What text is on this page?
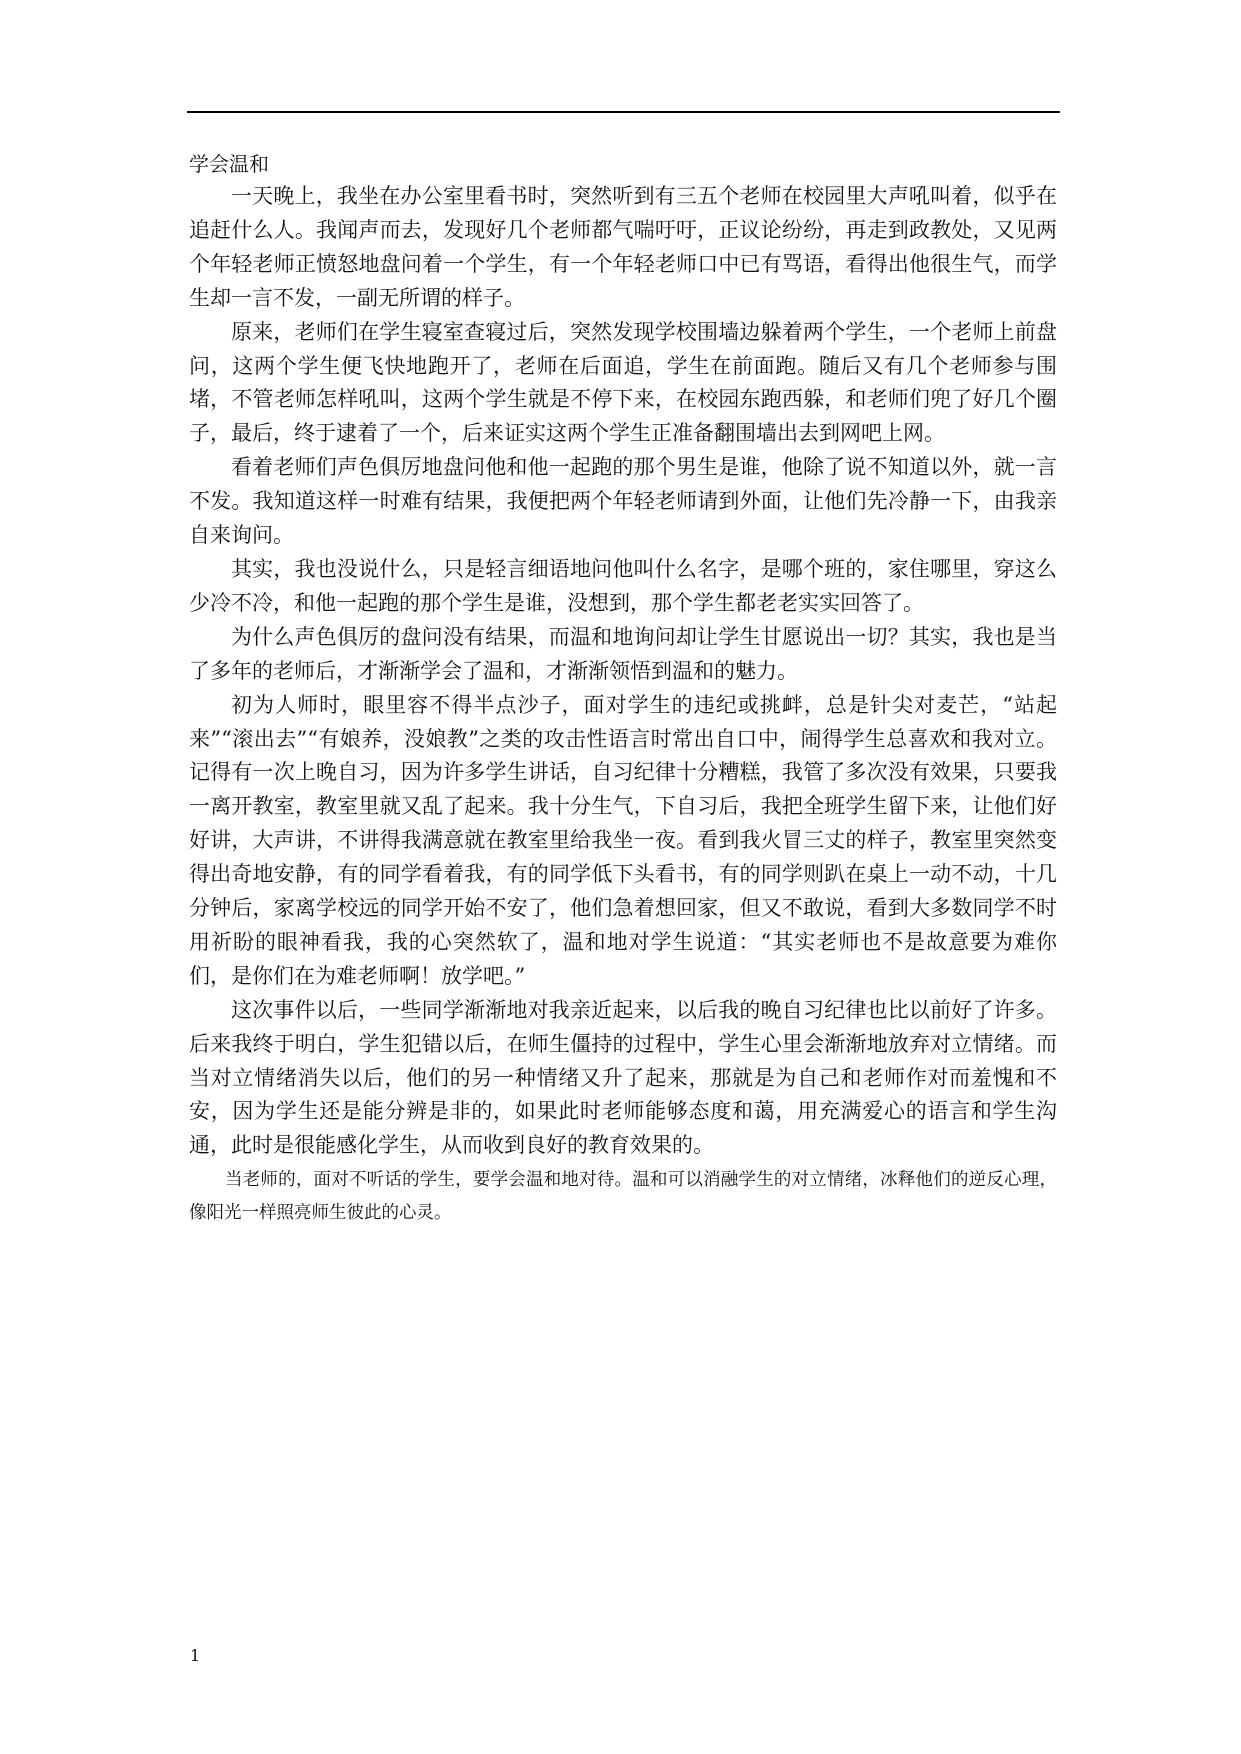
学会温和

一天晚上，我坐在办公室里看书时，突然听到有三五个老师在校园里大声吼叫着，似乎在追赶什么人。我闻声而去，发现好几个老师都气喘吁吁，正议论纷纷，再走到政教处，又见两个年轻老师正愤怒地盘问着一个学生，有一个年轻老师口中已有骂语，看得出他很生气，而学生却一言不发，一副无所谓的样子。

原来，老师们在学生寝室查寝过后，突然发现学校围墙边躲着两个学生，一个老师上前盘问，这两个学生便飞快地跑开了，老师在后面追，学生在前面跑。随后又有几个老师参与围堵，不管老师怎样吼叫，这两个学生就是不停下来，在校园东跑西躲，和老师们兜了好几个圈子，最后，终于逮着了一个，后来证实这两个学生正准备翻围墙出去到网吧上网。

看着老师们声色俱厉地盘问他和他一起跑的那个男生是谁，他除了说不知道以外，就一言不发。我知道这样一时难有结果，我便把两个年轻老师请到外面，让他们先冷静一下，由我亲自来询问。

其实，我也没说什么，只是轻言细语地问他叫什么名字，是哪个班的，家住哪里，穿这么少冷不冷，和他一起跑的那个学生是谁，没想到，那个学生都老老实实回答了。

为什么声色俱厉的盘问没有结果，而温和地询问却让学生甘愿说出一切？其实，我也是当了多年的老师后，才渐渐学会了温和，才渐渐领悟到温和的魅力。

初为人师时，眼里容不得半点沙子，面对学生的违纪或挑衅，总是针尖对麦芒，“站起来”“滚出去”“有娘养，没娘教”之类的攻击性语言时常出自口中，闹得学生总喜欢和我对立。记得有一次上晚自习，因为许多学生讲话，自习纪律十分糟糕，我管了多次没有效果，只要我一离开教室，教室里就又乱了起来。我十分生气，下自习后，我把全班学生留下来，让他们好好讲，大声讲，不讲得我满意就在教室里给我坐一夜。看到我火冒三丈的样子，教室里突然变得出奇地安静，有的同学看着我，有的同学低下头看书，有的同学则趴在桌上一动不动，十几分钟后，家离学校远的同学开始不安了，他们急着想回家，但又不敢说，看到大多数同学不时用祈盼的眼神看我，我的心突然软了，温和地对学生说道：“其实老师也不是故意要为难你们，是你们在为难老师啊！放学吧。”

这次事件以后，一些同学渐渐地对我亲近起来，以后我的晚自习纪律也比以前好了许多。后来我终于明白，学生犯错以后，在师生僵持的过程中，学生心里会渐渐地放弃对立情绪。而当对立情绪消失以后，他们的另一种情绪又升了起来，那就是为自己和老师作对而羞愧和不安，因为学生还是能分辨是非的，如果此时老师能够态度和蔼，用充满爱心的语言和学生沟通，此时是很能感化学生，从而收到良好的教育效果的。

当老师的，面对不听话的学生，要学会温和地对待。温和可以消融学生的对立情绪，冰释他们的逆反心理，像阳光一样照亮师生彼此的心灵。

1
